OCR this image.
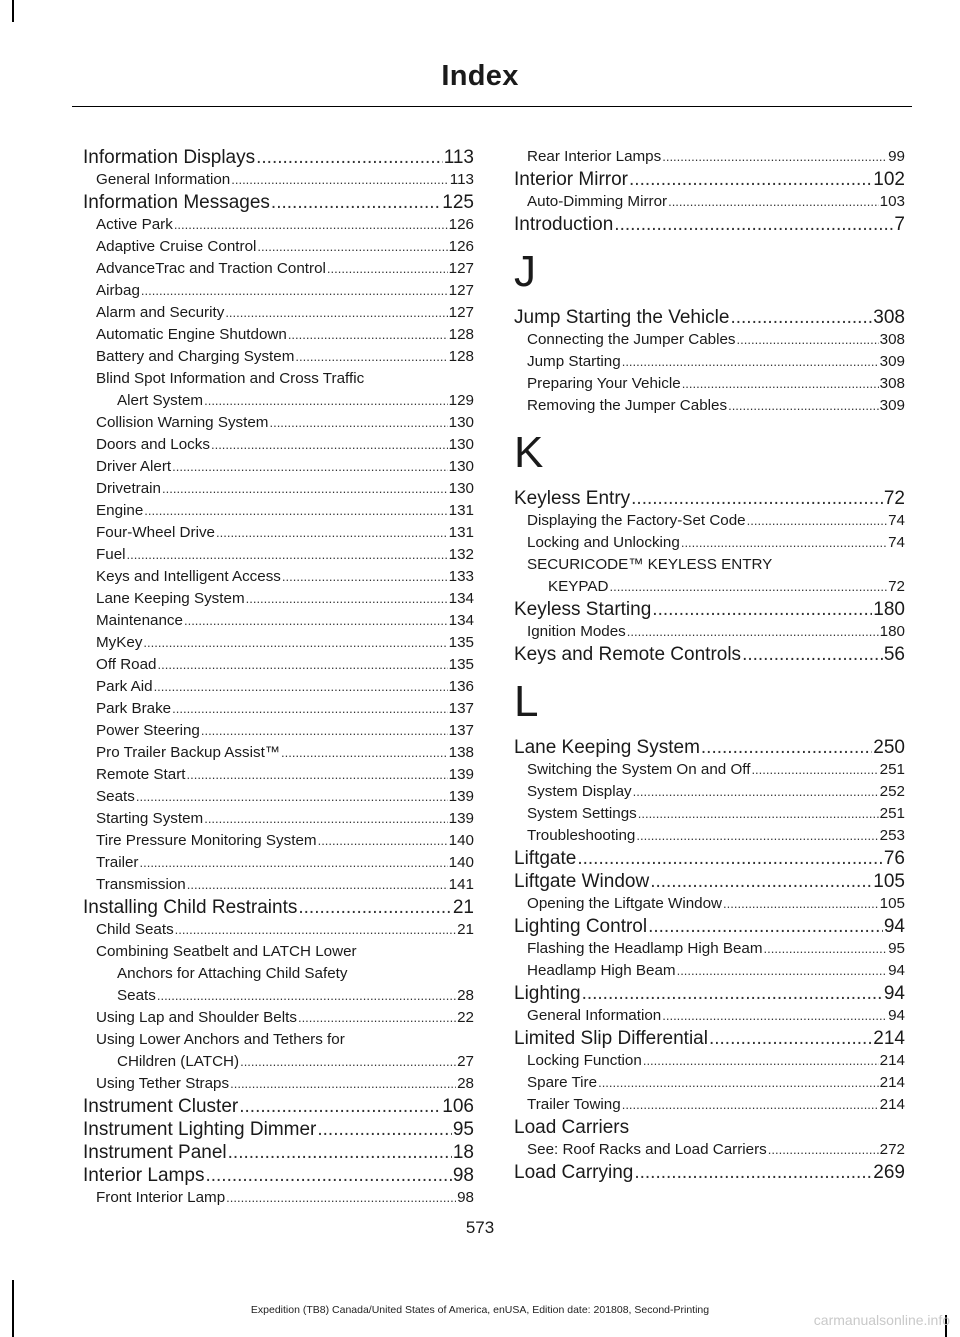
Index
Information Displays .....	113
General Information .....	113
Information Messages .....	125
Active Park .....	126
Adaptive Cruise Control .....	126
AdvanceTrac and Traction Control .....	127
Airbag .....	127
Alarm and Security .....	127
Automatic Engine Shutdown .....	128
Battery and Charging System .....	128
Blind Spot Information and Cross Traffic
Alert System .....	129
Collision Warning System .....	130
Doors and Locks .....	130
Driver Alert .....	130
Drivetrain .....	130
Engine .....	131
Four-Wheel Drive .....	131
Fuel .....	132
Keys and Intelligent Access .....	133
Lane Keeping System .....	134
Maintenance .....	134
MyKey .....	135
Off Road .....	135
Park Aid .....	136
Park Brake .....	137
Power Steering .....	137
Pro Trailer Backup Assist™ .....	138
Remote Start .....	139
Seats .....	139
Starting System .....	139
Tire Pressure Monitoring System .....	140
Trailer .....	140
Transmission .....	141
Installing Child Restraints .....	21
Child Seats .....	21
Combining Seatbelt and LATCH Lower
Anchors for Attaching Child Safety
Seats .....	28
Using Lap and Shoulder Belts .....	22
Using Lower Anchors and Tethers for
CHildren (LATCH) .....	27
Using Tether Straps .....	28
Instrument Cluster .....	106
Instrument Lighting Dimmer .....	95
Instrument Panel .....	18
Interior Lamps .....	98
Front Interior Lamp .....	98
Rear Interior Lamps .....	99
Interior Mirror .....	102
Auto-Dimming Mirror .....	103
Introduction .....	7
J
Jump Starting the Vehicle .....	308
Connecting the Jumper Cables .....	308
Jump Starting .....	309
Preparing Your Vehicle .....	308
Removing the Jumper Cables .....	309
K
Keyless Entry .....	72
Displaying the Factory-Set Code .....	74
Locking and Unlocking .....	74
SECURICODE™ KEYLESS ENTRY
KEYPAD .....	72
Keyless Starting .....	180
Ignition Modes .....	180
Keys and Remote Controls .....	56
L
Lane Keeping System .....	250
Switching the System On and Off .....	251
System Display .....	252
System Settings .....	251
Troubleshooting .....	253
Liftgate .....	76
Liftgate Window .....	105
Opening the Liftgate Window .....	105
Lighting Control .....	94
Flashing the Headlamp High Beam .....	95
Headlamp High Beam .....	94
Lighting .....	94
General Information .....	94
Limited Slip Differential .....	214
Locking Function .....	214
Spare Tire .....	214
Trailer Towing .....	214
Load Carriers
See: Roof Racks and Load Carriers .....	272
Load Carrying .....	269
573
Expedition (TB8) Canada/United States of America, enUSA, Edition date: 201808, Second-Printing
carmanualsonline.info
